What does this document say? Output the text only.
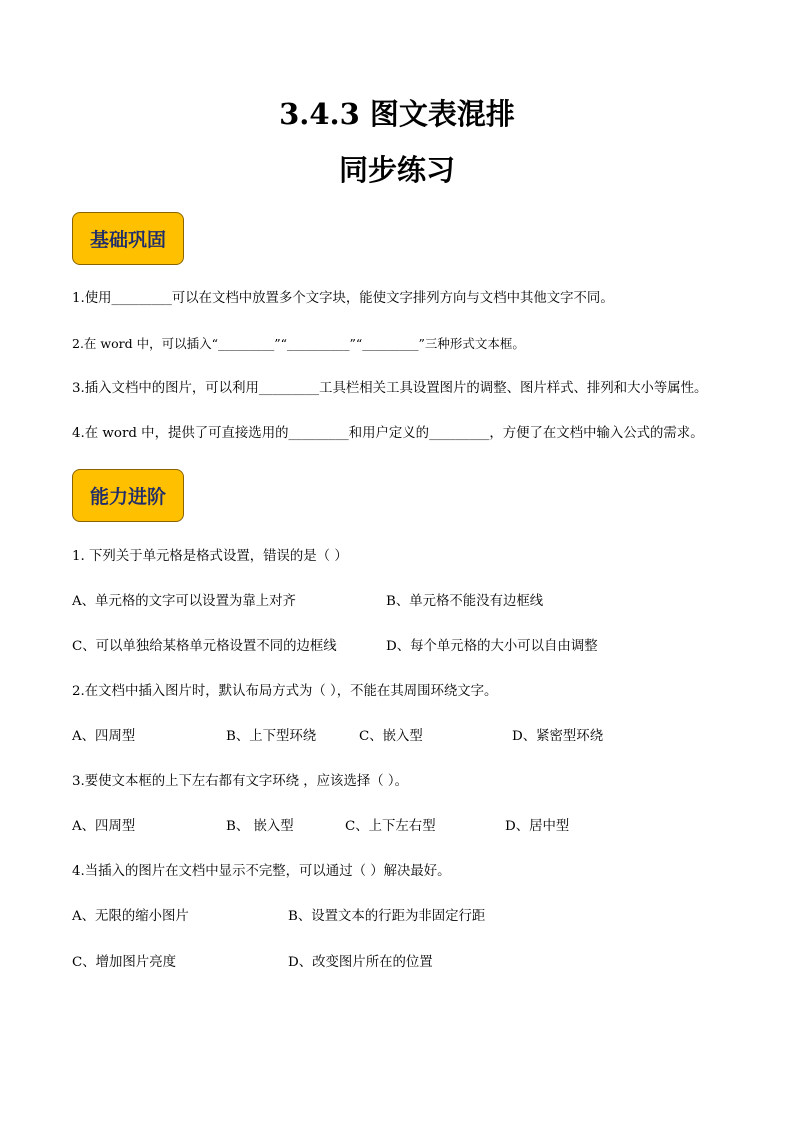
3.4.3 图文表混排
同步练习
基础巩固

1.使用_________可以在文档中放置多个文字块，能使文字排列方向与文档中其他文字不同。

2.在 word 中，可以插入“_________”“__________”“_________”三种形式文本框。

3.插入文档中的图片，可以利用_________工具栏相关工具设置图片的调整、图片样式、排列和大小等属性。

4.在 word 中，提供了可直接选用的_________和用户定义的_________，方便了在文档中输入公式的需求。

能力进阶

1. 下列关于单元格是格式设置，错误的是（ ）

A、单元格的文字可以设置为靠上对齐	B、单元格不能没有边框线
C、可以单独给某格单元格设置不同的边框线	D、每个单元格的大小可以自由调整

2.在文档中插入图片时，默认布局方式为（ ），不能在其周围环绕文字。

A、四周型	B、上下型环绕	C、嵌入型	D、紧密型环绕

3.要使文本框的上下左右都有文字环绕 ，应该选择（ ）。

A、四周型	B、 嵌入型	C、上下左右型	D、居中型

4.当插入的图片在文档中显示不完整，可以通过（ ）解决最好。

A、无限的缩小图片	B、设置文本的行距为非固定行距
C、增加图片亮度	D、改变图片所在的位置
